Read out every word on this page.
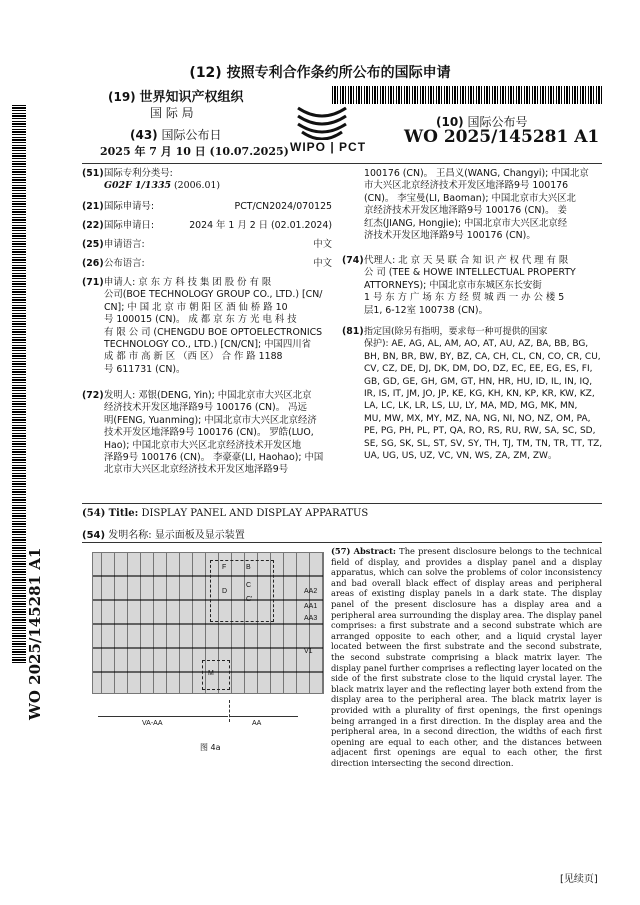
(12) 按照专利合作条约所公布的国际申请
(19) 世界知识产权组织
国 际 局
(43) 国际公布日
2025 年 7 月 10 日 (10.07.2025) WIPO | PCT
(10) 国际公布号
WO 2025/145281 A1
WO 2025/145281 A1
(51) 国际专利分类号:
G02F 1/1335 (2006.01)
(21) 国际申请号:	PCT/CN2024/070125
(22) 国际申请日:	2024 年 1 月 2 日 (02.01.2024)
(25) 申请语言:	中文
(26) 公布语言:	中文
(71) 申请人: 京 东 方 科 技 集 团 股 份 有 限
公司(BOE TECHNOLOGY GROUP CO., LTD.) [CN/
CN]; 中 国 北 京 市 朝 阳 区 酒 仙 桥 路 10
号 100015 (CN)。 成 都 京 东 方 光 电 科 技
有 限 公 司 (CHENGDU BOE OPTOELECTRONICS
TECHNOLOGY CO., LTD.) [CN/CN]; 中国四川省
成 都 市 高 新 区 （西 区） 合 作 路 1188
号 611731 (CN)。
(72) 发明人: 邓银(DENG, Yin); 中国北京市大兴区北京
经济技术开发区地泽路9号 100176 (CN)。 冯远
明(FENG, Yuanming); 中国北京市大兴区北京经济
技术开发区地泽路9号 100176 (CN)。 罗皓(LUO,
Hao); 中国北京市大兴区北京经济技术开发区地
泽路9号 100176 (CN)。 李豪豪(LI, Haohao); 中国
北京市大兴区北京经济技术开发区地泽路9号
100176 (CN)。 王昌义(WANG, Changyi); 中国北京
市大兴区北京经济技术开发区地泽路9号 100176
(CN)。 李宝曼(LI, Baoman); 中国北京市大兴区北
京经济技术开发区地泽路9号 100176 (CN)。 姜
红杰(JIANG, Hongjie); 中国北京市大兴区北京经
济技术开发区地泽路9号 100176 (CN)。
(74) 代理人: 北 京 天 昊 联 合 知 识 产 权 代 理 有 限
公 司 (TEE & HOWE INTELLECTUAL PROPERTY
ATTORNEYS); 中国北京市东城区东长安街
1 号 东 方 广 场 东 方 经 贸 城 西 一 办 公 楼 5
层1, 6-12室 100738 (CN)。
(81) 指定国(除另有指明，要求每一种可提供的国家
保护): AE, AG, AL, AM, AO, AT, AU, AZ, BA, BB, BG,
BH, BN, BR, BW, BY, BZ, CA, CH, CL, CN, CO, CR, CU,
CV, CZ, DE, DJ, DK, DM, DO, DZ, EC, EE, EG, ES, FI,
GB, GD, GE, GH, GM, GT, HN, HR, HU, ID, IL, IN, IQ,
IR, IS, IT, JM, JO, JP, KE, KG, KH, KN, KP, KR, KW, KZ,
LA, LC, LK, LR, LS, LU, LY, MA, MD, MG, MK, MN,
MU, MW, MX, MY, MZ, NA, NG, NI, NO, NZ, OM, PA,
PE, PG, PH, PL, PT, QA, RO, RS, RU, RW, SA, SC, SD,
SE, SG, SK, SL, ST, SV, SY, TH, TJ, TM, TN, TR, TT, TZ,
UA, UG, US, UZ, VC, VN, WS, ZA, ZM, ZW。
(54) Title: DISPLAY PANEL AND DISPLAY APPARATUS
(54) 发明名称: 显示面板及显示装置
F	B
D
C
C'
AA2
AA1
AA3
V1
M
VA-AA	AA
图 4a
(57) Abstract: The present disclosure belongs to the technical field of display, and provides a display panel and a display apparatus, which can solve the problems of color inconsistency and bad overall black effect of display areas and peripheral areas of existing display panels in a dark state. The display panel of the present disclosure has a display area and a peripheral area surrounding the display area. The display panel comprises: a first substrate and a second substrate which are arranged opposite to each other, and a liquid crystal layer located between the first substrate and the second substrate, the second substrate comprising a black matrix layer. The display panel further comprises a reflecting layer located on the side of the first substrate close to the liquid crystal layer. The black matrix layer and the reflecting layer both extend from the display area to the peripheral area. The black matrix layer is provided with a plurality of first openings, the first openings being arranged in a first direction. In the display area and the peripheral area, in a second direction, the widths of each first opening are equal to each other, and the distances between adjacent first openings are equal to each other, the first direction intersecting the second direction.
[见续页]
